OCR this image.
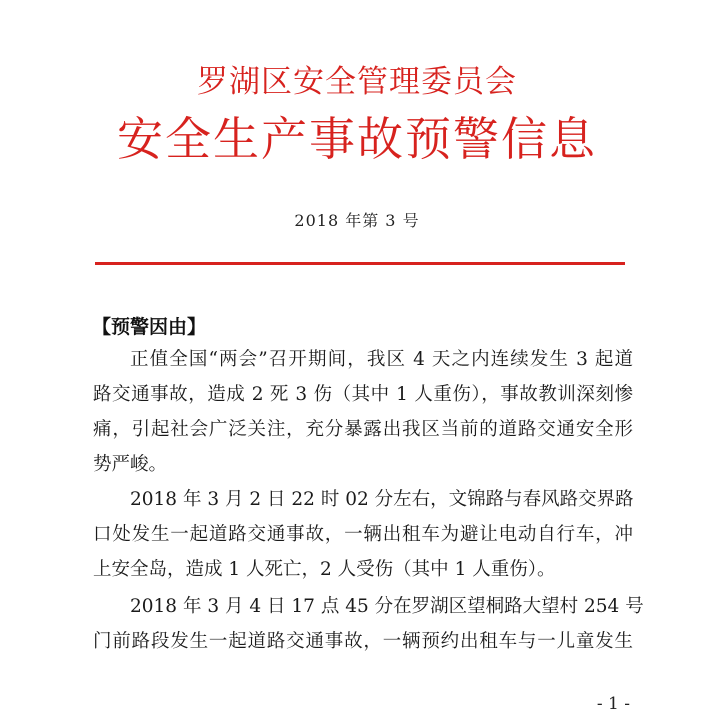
罗湖区安全管理委员会
安全生产事故预警信息
2018 年第 3 号
【预警因由】
正值全国“两会”召开期间，我区 4 天之内连续发生 3 起道
路交通事故，造成 2 死 3 伤（其中 1 人重伤），事故教训深刻惨
痛，引起社会广泛关注，充分暴露出我区当前的道路交通安全形
势严峻。
2018 年 3 月 2 日 22 时 02 分左右，文锦路与春风路交界路
口处发生一起道路交通事故，一辆出租车为避让电动自行车，冲
上安全岛，造成 1 人死亡，2 人受伤（其中 1 人重伤）。
2018 年 3 月 4 日 17 点 45 分在罗湖区望桐路大望村 254 号
门前路段发生一起道路交通事故，一辆预约出租车与一儿童发生
- 1 -
